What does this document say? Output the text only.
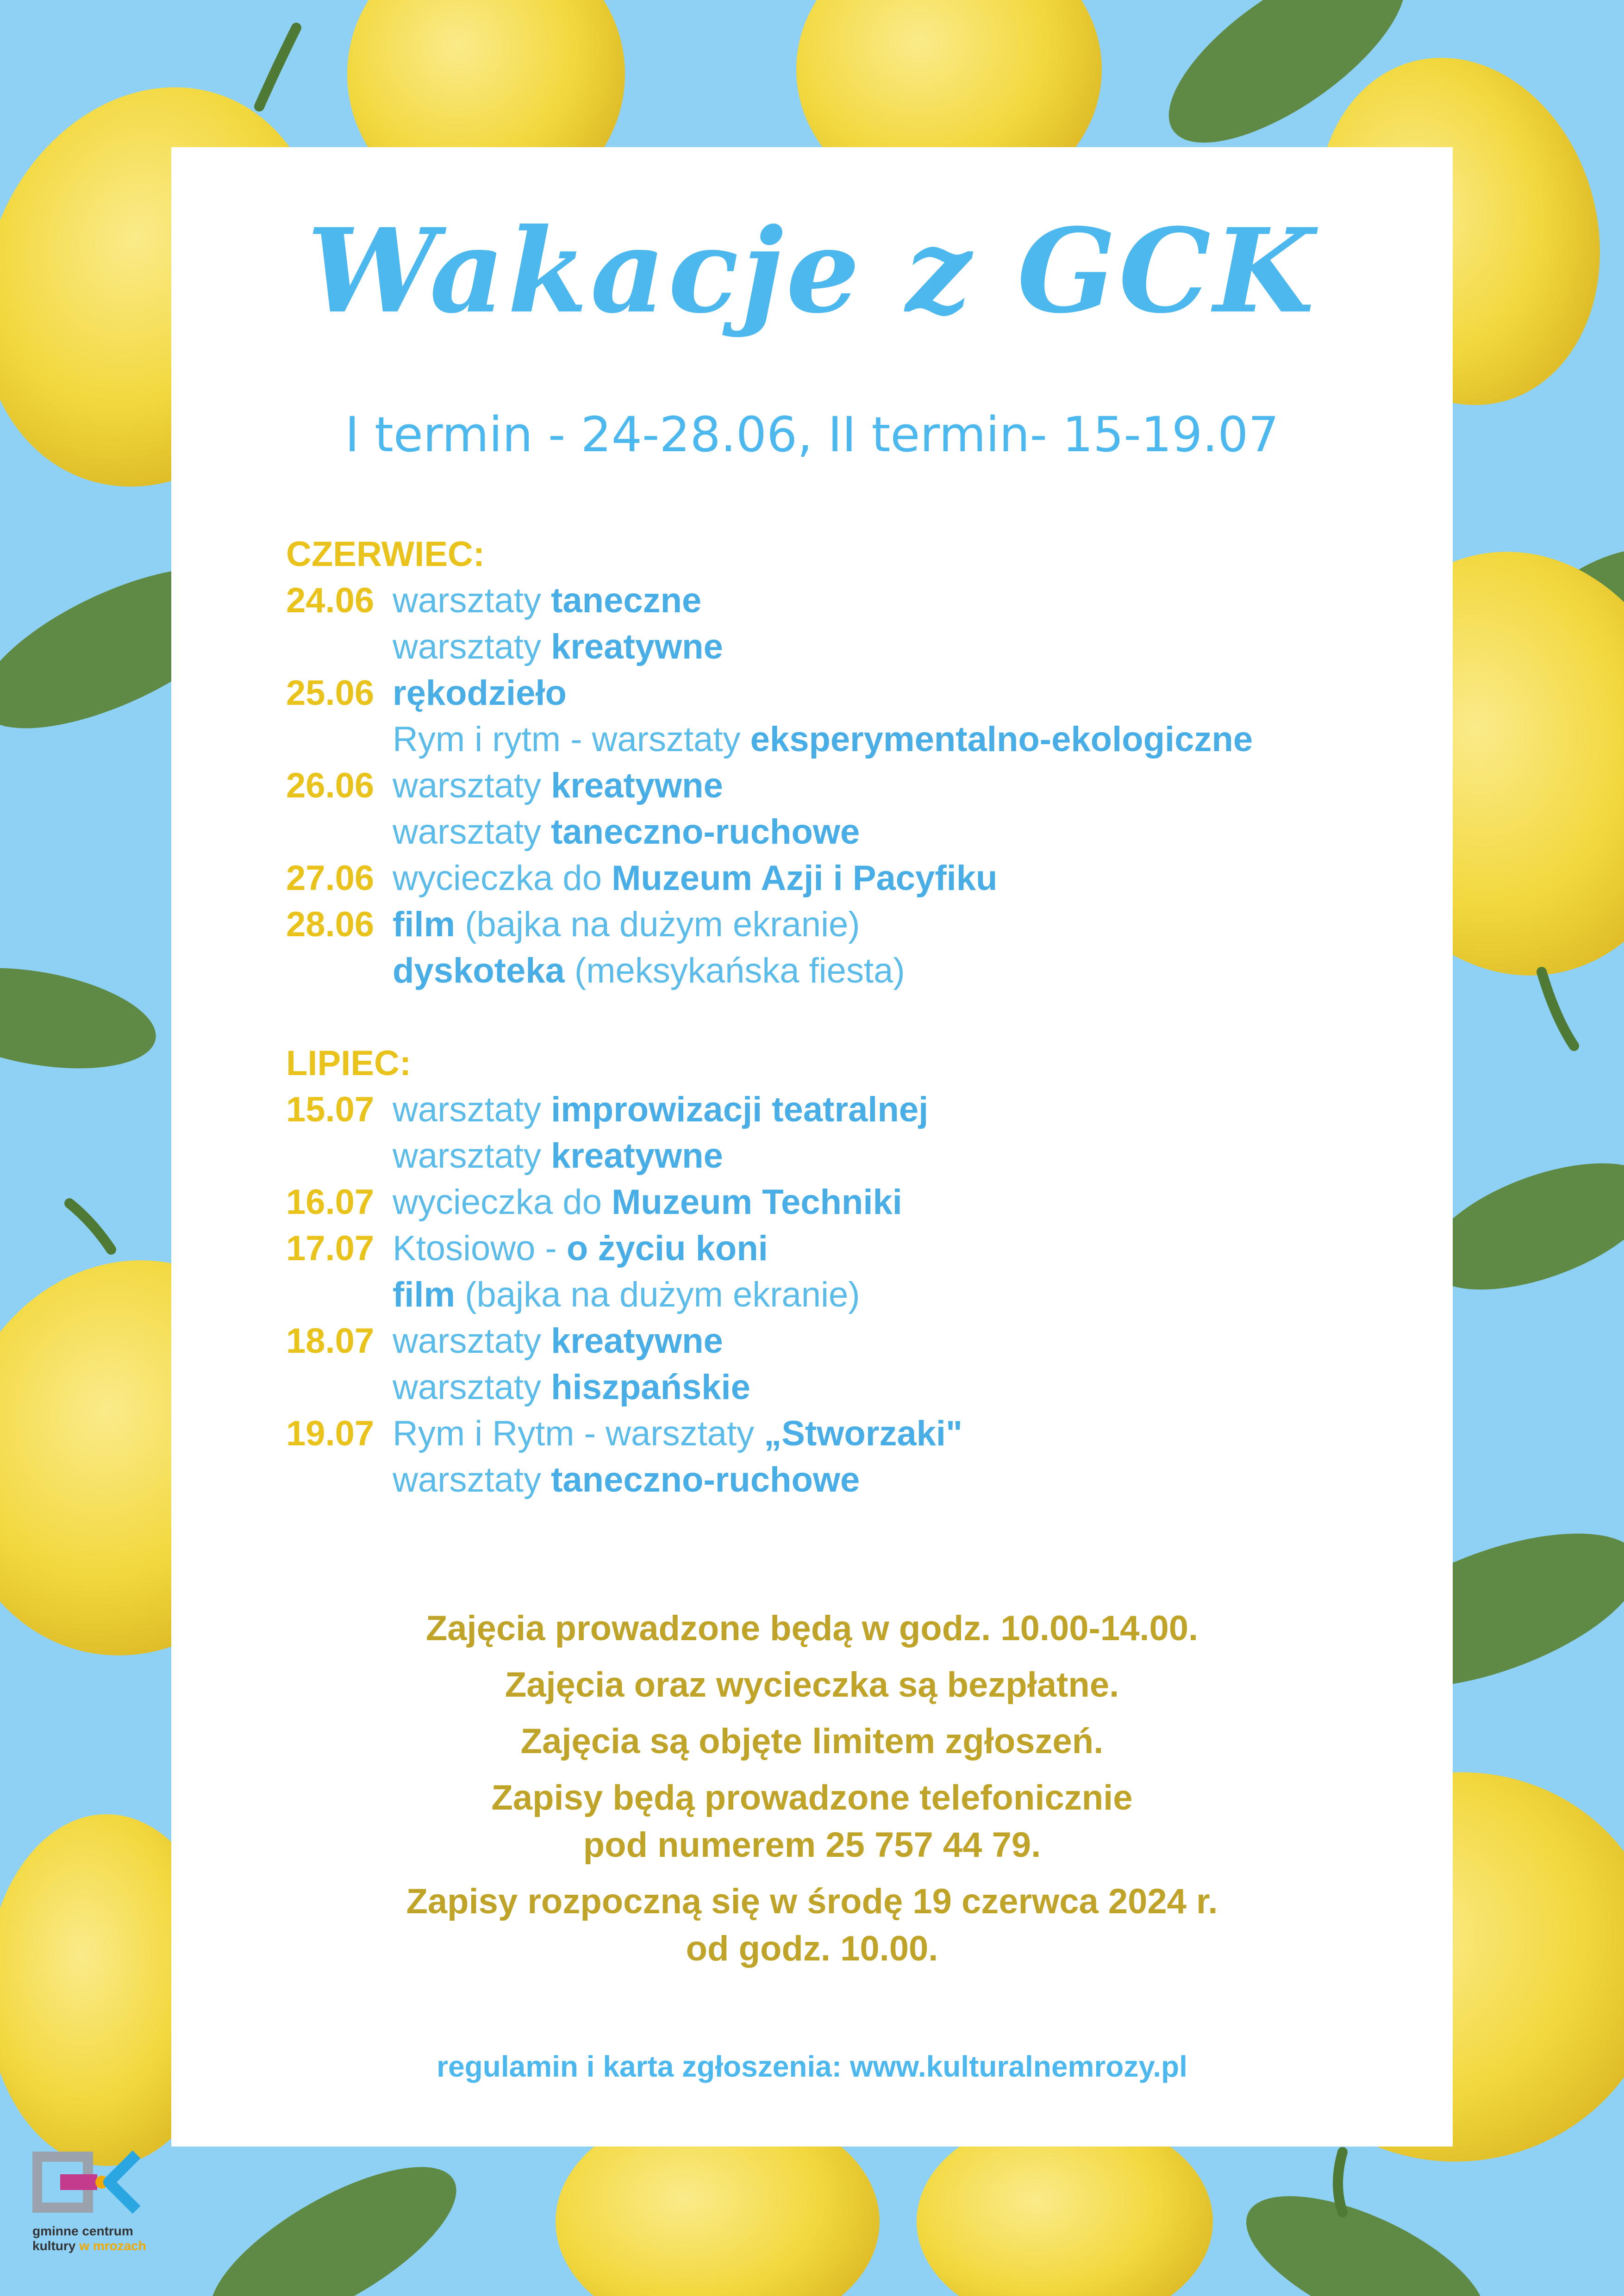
Wakacje z GCK
I termin - 24-28.06, II termin- 15-19.07
CZERWIEC:
24.06 warsztaty taneczne
warsztaty kreatywne
25.06 rękodzieło
Rym i rytm - warsztaty eksperymentalno-ekologiczne
26.06 warsztaty kreatywne
warsztaty taneczno-ruchowe
27.06 wycieczka do Muzeum Azji i Pacyfiku
28.06 film (bajka na dużym ekranie)
dyskoteka (meksykańska fiesta)
LIPIEC:
15.07 warsztaty improwizacji teatralnej
warsztaty kreatywne
16.07 wycieczka do Muzeum Techniki
17.07 Ktosiowo - o życiu koni
film (bajka na dużym ekranie)
18.07 warsztaty kreatywne
warsztaty hiszpańskie
19.07 Rym i Rytm - warsztaty „Stworzaki"
warsztaty taneczno-ruchowe

Zajęcia prowadzone będą w godz. 10.00-14.00.

Zajęcia oraz wycieczka są bezpłatne.

Zajęcia są objęte limitem zgłoszeń.

Zapisy będą prowadzone telefonicznie
pod numerem 25 757 44 79.

Zapisy rozpoczną się w środę 19 czerwca 2024 r.
od godz. 10.00.

regulamin i karta zgłoszenia: www.kulturalnemrozy.pl
gminne centrum
kultury w mrozach
